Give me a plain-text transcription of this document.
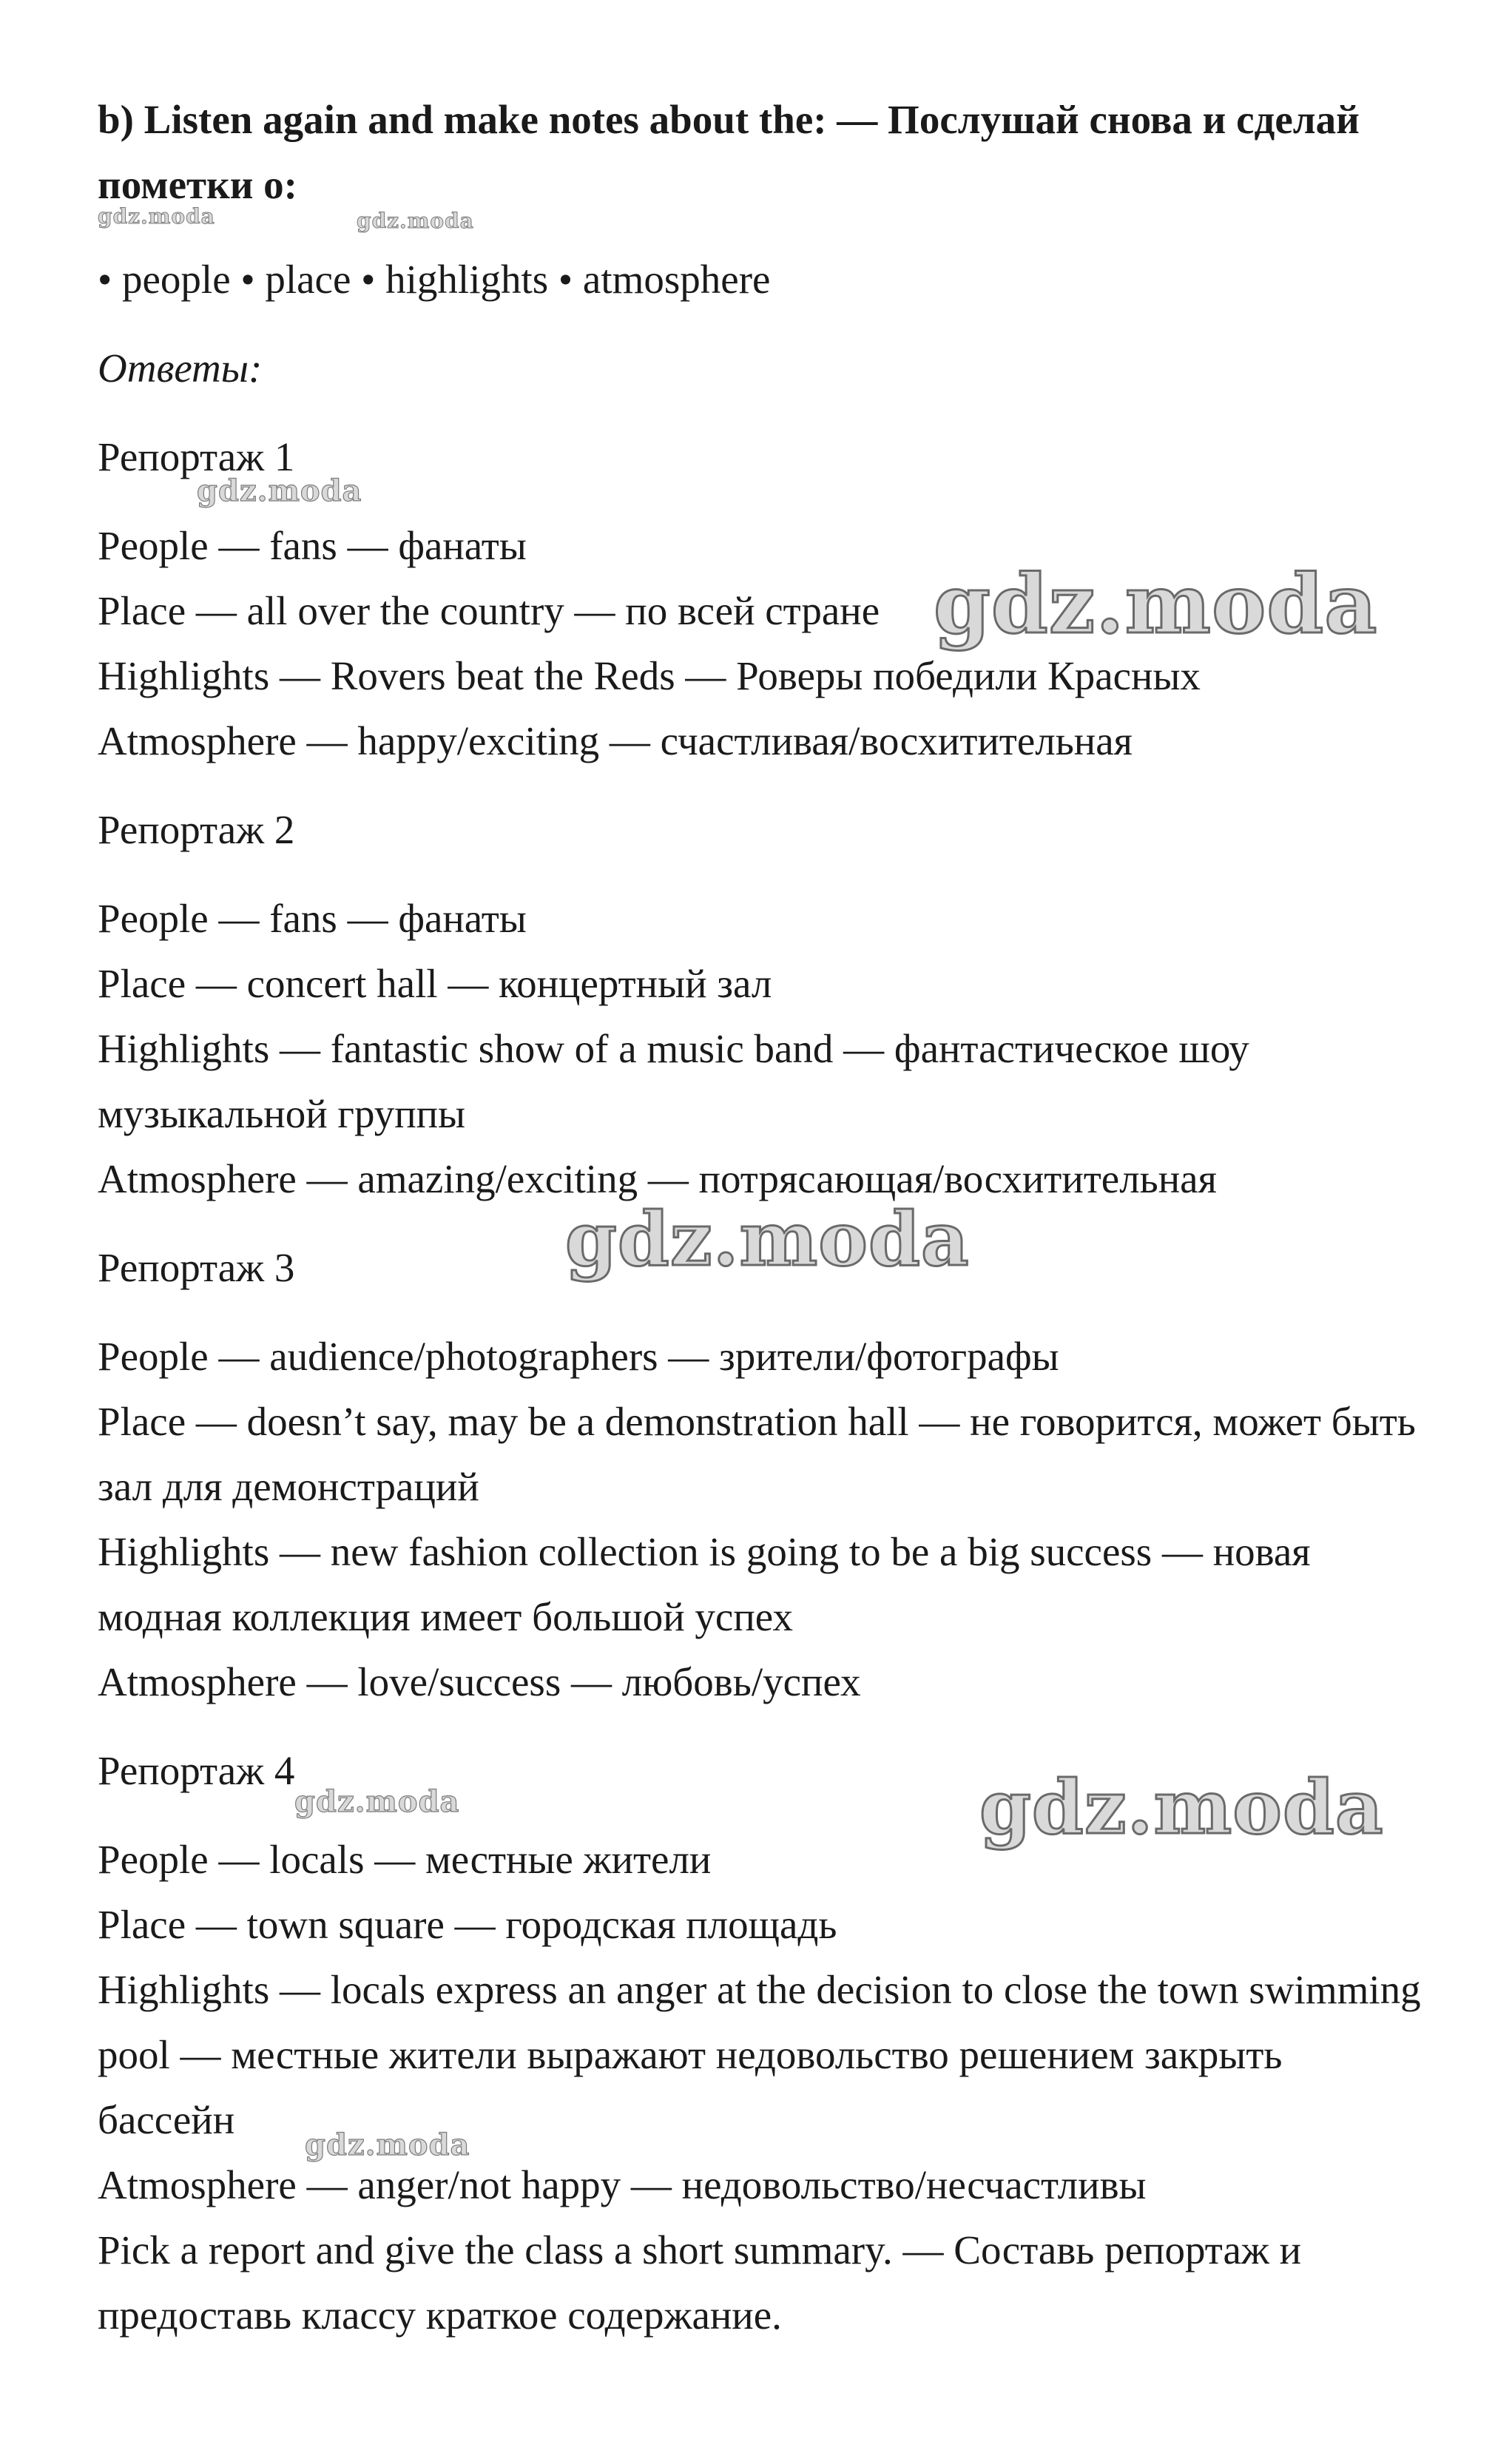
b) Listen again and make notes about the: — Послушай снова и сделай пометки о:

• people • place • highlights • atmosphere

Ответы:

Репортаж 1

People — fans — фанаты

Place — all over the country — по всей стране

Highlights — Rovers beat the Reds — Роверы победили Красных

Atmosphere — happy/exciting — счастливая/восхитительная

Репортаж 2

People — fans — фанаты

Place — concert hall — концертный зал

Highlights — fantastic show of a music band — фантастическое шоу музыкальной группы

Atmosphere — amazing/exciting — потрясающая/восхитительная

Репортаж 3

People — audience/photographers — зрители/фотографы

Place — doesn’t say, may be a demonstration hall — не говорится, может быть зал для демонстраций

Highlights — new fashion collection is going to be a big success — новая модная коллекция имеет большой успех

Atmosphere — love/success — любовь/успех

Репортаж 4

People — locals — местные жители

Place — town square — городская площадь

Highlights — locals express an anger at the decision to close the town swimming pool — местные жители выражают недовольство решением закрыть бассейн

Atmosphere — anger/not happy — недовольство/несчастливы

Pick a report and give the class a short summary. — Составь репортаж и предоставь классу краткое содержание.

gdz.moda	gdz.moda
gdz.moda
gdz.moda
gdz.moda
gdz.moda	gdz.moda
gdz.moda
